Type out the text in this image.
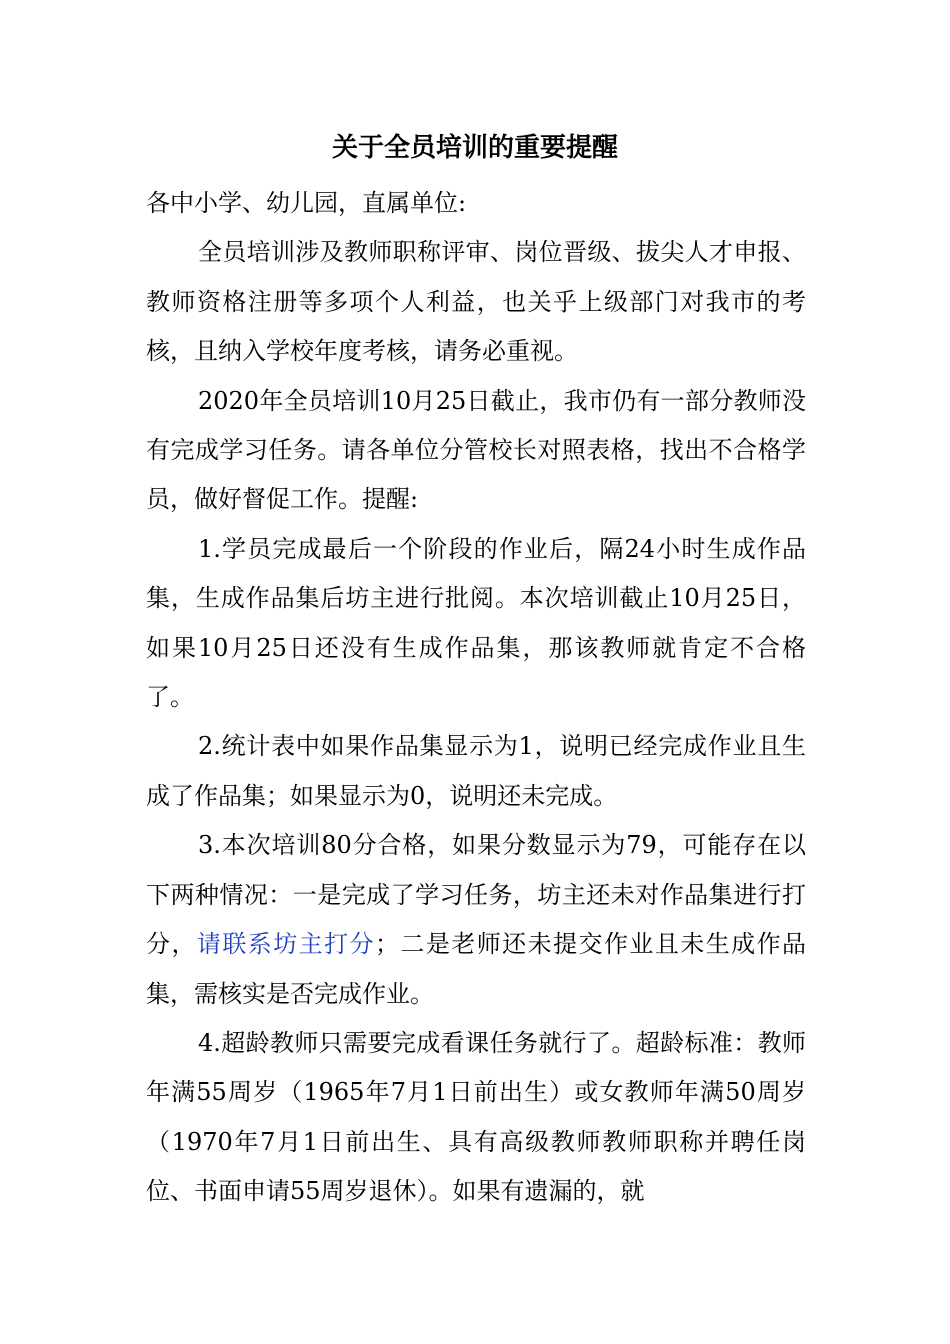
关于全员培训的重要提醒

各中小学、幼儿园，直属单位:

全员培训涉及教师职称评审、岗位晋级、拔尖人才申报、教师资格注册等多项个人利益，也关乎上级部门对我市的考核，且纳入学校年度考核，请务必重视。

2020年全员培训10月25日截止，我市仍有一部分教师没有完成学习任务。请各单位分管校长对照表格，找出不合格学员，做好督促工作。提醒:

1.学员完成最后一个阶段的作业后，隔24小时生成作品集，生成作品集后坊主进行批阅。本次培训截止10月25日，如果10月25日还没有生成作品集，那该教师就肯定不合格了。

2.统计表中如果作品集显示为1，说明已经完成作业且生成了作品集；如果显示为0，说明还未完成。

3.本次培训80分合格，如果分数显示为79，可能存在以下两种情况：一是完成了学习任务，坊主还未对作品集进行打分，请联系坊主打分；二是老师还未提交作业且未生成作品集，需核实是否完成作业。

4.超龄教师只需要完成看课任务就行了。超龄标准：教师年满55周岁（1965年7月1日前出生）或女教师年满50周岁（1970年7月1日前出生、具有高级教师教师职称并聘任岗位、书面申请55周岁退休）。如果有遗漏的，就
